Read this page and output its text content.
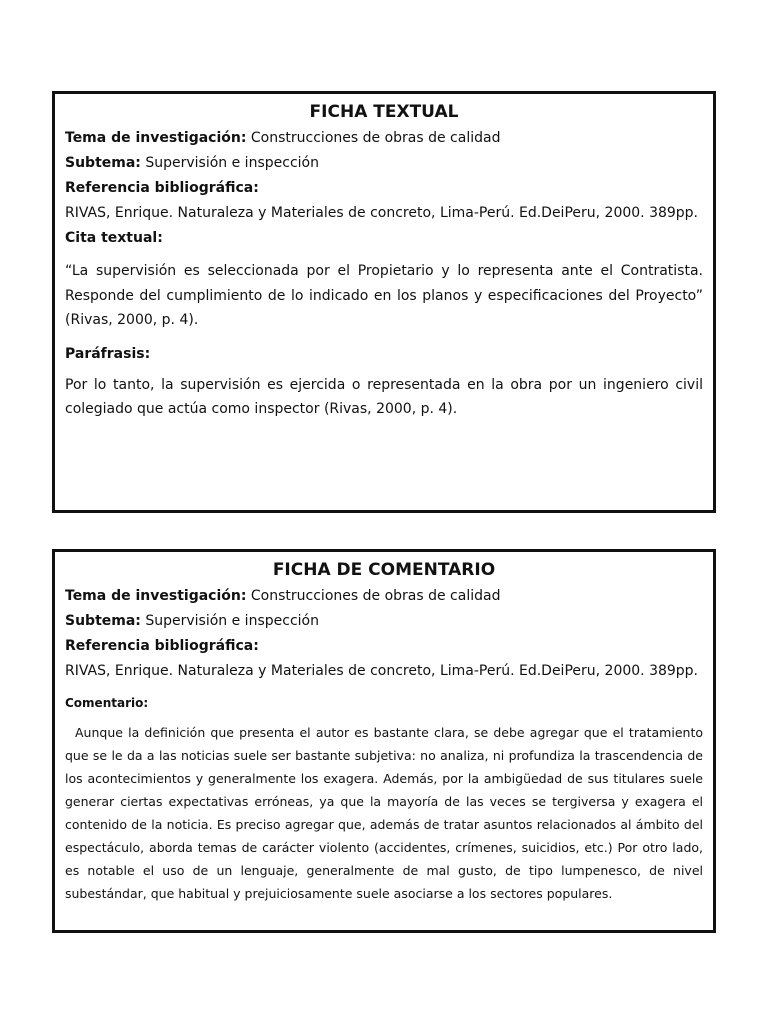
FICHA TEXTUAL
Tema de investigación: Construcciones de obras de calidad
Subtema: Supervisión e inspección
Referencia bibliográfica:
RIVAS, Enrique. Naturaleza y Materiales de concreto, Lima-Perú. Ed.DeiPeru, 2000. 389pp.
Cita textual:

“La supervisión es seleccionada por el Propietario y lo representa ante el Contratista. Responde del cumplimiento de lo indicado en los planos y especificaciones del Proyecto” (Rivas, 2000, p. 4).

Paráfrasis:

Por lo tanto, la supervisión es ejercida o representada en la obra por un ingeniero civil colegiado que actúa como inspector (Rivas, 2000, p. 4).

FICHA DE COMENTARIO
Tema de investigación: Construcciones de obras de calidad
Subtema: Supervisión e inspección
Referencia bibliográfica:
RIVAS, Enrique. Naturaleza y Materiales de concreto, Lima-Perú. Ed.DeiPeru, 2000. 389pp.
Comentario:

Aunque la definición que presenta el autor es bastante clara, se debe agregar que el tratamiento que se le da a las noticias suele ser bastante subjetiva: no analiza, ni profundiza la trascendencia de los acontecimientos y generalmente los exagera. Además, por la ambigüedad de sus titulares suele generar ciertas expectativas erróneas, ya que la mayoría de las veces se tergiversa y exagera el contenido de la noticia. Es preciso agregar que, además de tratar asuntos relacionados al ámbito del espectáculo, aborda temas de carácter violento (accidentes, crímenes, suicidios, etc.) Por otro lado, es notable el uso de un lenguaje, generalmente de mal gusto, de tipo lumpenesco, de nivel subestándar, que habitual y prejuiciosamente suele asociarse a los sectores populares.
